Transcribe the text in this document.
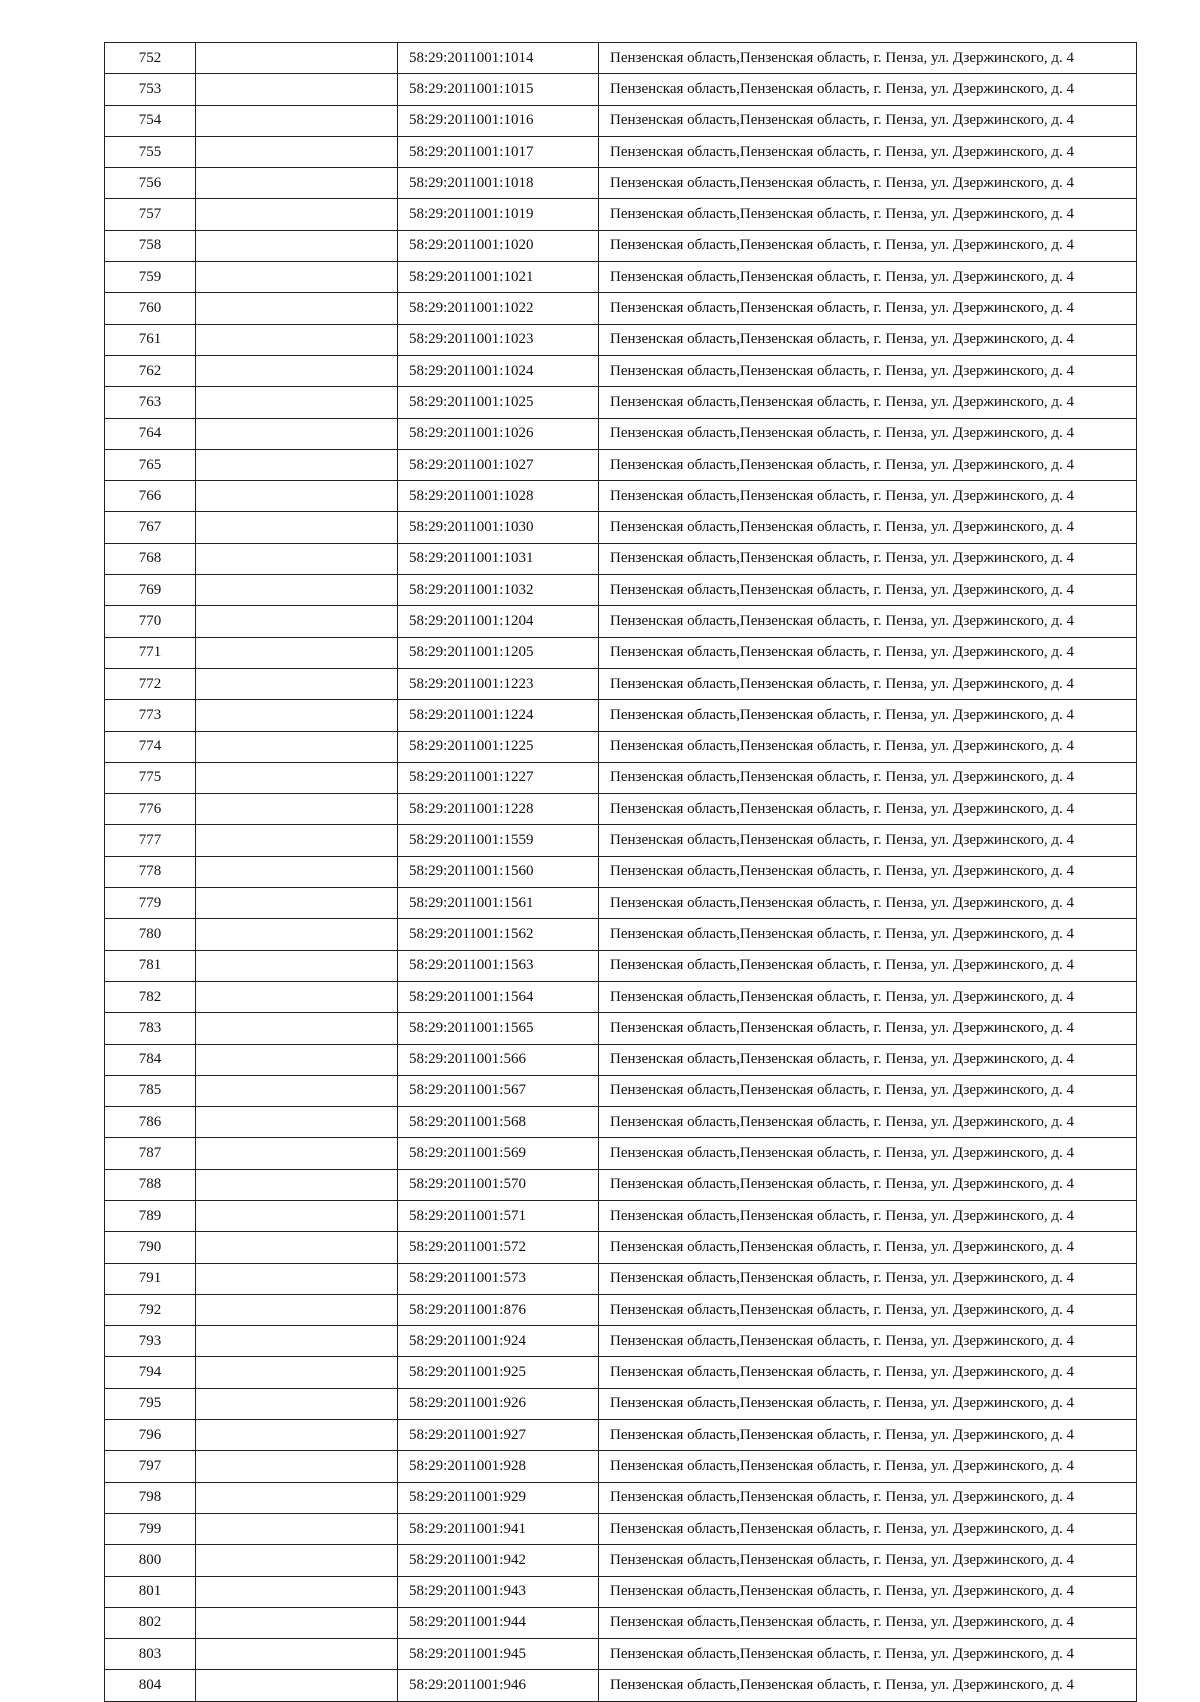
752		58:29:2011001:1014	Пензенская область,Пензенская область, г. Пенза, ул. Дзержинского, д. 4
753		58:29:2011001:1015	Пензенская область,Пензенская область, г. Пенза, ул. Дзержинского, д. 4
754		58:29:2011001:1016	Пензенская область,Пензенская область, г. Пенза, ул. Дзержинского, д. 4
755		58:29:2011001:1017	Пензенская область,Пензенская область, г. Пенза, ул. Дзержинского, д. 4
756		58:29:2011001:1018	Пензенская область,Пензенская область, г. Пенза, ул. Дзержинского, д. 4
757		58:29:2011001:1019	Пензенская область,Пензенская область, г. Пенза, ул. Дзержинского, д. 4
758		58:29:2011001:1020	Пензенская область,Пензенская область, г. Пенза, ул. Дзержинского, д. 4
759		58:29:2011001:1021	Пензенская область,Пензенская область, г. Пенза, ул. Дзержинского, д. 4
760		58:29:2011001:1022	Пензенская область,Пензенская область, г. Пенза, ул. Дзержинского, д. 4
761		58:29:2011001:1023	Пензенская область,Пензенская область, г. Пенза, ул. Дзержинского, д. 4
762		58:29:2011001:1024	Пензенская область,Пензенская область, г. Пенза, ул. Дзержинского, д. 4
763		58:29:2011001:1025	Пензенская область,Пензенская область, г. Пенза, ул. Дзержинского, д. 4
764		58:29:2011001:1026	Пензенская область,Пензенская область, г. Пенза, ул. Дзержинского, д. 4
765		58:29:2011001:1027	Пензенская область,Пензенская область, г. Пенза, ул. Дзержинского, д. 4
766		58:29:2011001:1028	Пензенская область,Пензенская область, г. Пенза, ул. Дзержинского, д. 4
767		58:29:2011001:1030	Пензенская область,Пензенская область, г. Пенза, ул. Дзержинского, д. 4
768		58:29:2011001:1031	Пензенская область,Пензенская область, г. Пенза, ул. Дзержинского, д. 4
769		58:29:2011001:1032	Пензенская область,Пензенская область, г. Пенза, ул. Дзержинского, д. 4
770		58:29:2011001:1204	Пензенская область,Пензенская область, г. Пенза, ул. Дзержинского, д. 4
771		58:29:2011001:1205	Пензенская область,Пензенская область, г. Пенза, ул. Дзержинского, д. 4
772		58:29:2011001:1223	Пензенская область,Пензенская область, г. Пенза, ул. Дзержинского, д. 4
773		58:29:2011001:1224	Пензенская область,Пензенская область, г. Пенза, ул. Дзержинского, д. 4
774		58:29:2011001:1225	Пензенская область,Пензенская область, г. Пенза, ул. Дзержинского, д. 4
775		58:29:2011001:1227	Пензенская область,Пензенская область, г. Пенза, ул. Дзержинского, д. 4
776		58:29:2011001:1228	Пензенская область,Пензенская область, г. Пенза, ул. Дзержинского, д. 4
777		58:29:2011001:1559	Пензенская область,Пензенская область, г. Пенза, ул. Дзержинского, д. 4
778		58:29:2011001:1560	Пензенская область,Пензенская область, г. Пенза, ул. Дзержинского, д. 4
779		58:29:2011001:1561	Пензенская область,Пензенская область, г. Пенза, ул. Дзержинского, д. 4
780		58:29:2011001:1562	Пензенская область,Пензенская область, г. Пенза, ул. Дзержинского, д. 4
781		58:29:2011001:1563	Пензенская область,Пензенская область, г. Пенза, ул. Дзержинского, д. 4
782		58:29:2011001:1564	Пензенская область,Пензенская область, г. Пенза, ул. Дзержинского, д. 4
783		58:29:2011001:1565	Пензенская область,Пензенская область, г. Пенза, ул. Дзержинского, д. 4
784		58:29:2011001:566	Пензенская область,Пензенская область, г. Пенза, ул. Дзержинского, д. 4
785		58:29:2011001:567	Пензенская область,Пензенская область, г. Пенза, ул. Дзержинского, д. 4
786		58:29:2011001:568	Пензенская область,Пензенская область, г. Пенза, ул. Дзержинского, д. 4
787		58:29:2011001:569	Пензенская область,Пензенская область, г. Пенза, ул. Дзержинского, д. 4
788		58:29:2011001:570	Пензенская область,Пензенская область, г. Пенза, ул. Дзержинского, д. 4
789		58:29:2011001:571	Пензенская область,Пензенская область, г. Пенза, ул. Дзержинского, д. 4
790		58:29:2011001:572	Пензенская область,Пензенская область, г. Пенза, ул. Дзержинского, д. 4
791		58:29:2011001:573	Пензенская область,Пензенская область, г. Пенза, ул. Дзержинского, д. 4
792		58:29:2011001:876	Пензенская область,Пензенская область, г. Пенза, ул. Дзержинского, д. 4
793		58:29:2011001:924	Пензенская область,Пензенская область, г. Пенза, ул. Дзержинского, д. 4
794		58:29:2011001:925	Пензенская область,Пензенская область, г. Пенза, ул. Дзержинского, д. 4
795		58:29:2011001:926	Пензенская область,Пензенская область, г. Пенза, ул. Дзержинского, д. 4
796		58:29:2011001:927	Пензенская область,Пензенская область, г. Пенза, ул. Дзержинского, д. 4
797		58:29:2011001:928	Пензенская область,Пензенская область, г. Пенза, ул. Дзержинского, д. 4
798		58:29:2011001:929	Пензенская область,Пензенская область, г. Пенза, ул. Дзержинского, д. 4
799		58:29:2011001:941	Пензенская область,Пензенская область, г. Пенза, ул. Дзержинского, д. 4
800		58:29:2011001:942	Пензенская область,Пензенская область, г. Пенза, ул. Дзержинского, д. 4
801		58:29:2011001:943	Пензенская область,Пензенская область, г. Пенза, ул. Дзержинского, д. 4
802		58:29:2011001:944	Пензенская область,Пензенская область, г. Пенза, ул. Дзержинского, д. 4
803		58:29:2011001:945	Пензенская область,Пензенская область, г. Пенза, ул. Дзержинского, д. 4
804		58:29:2011001:946	Пензенская область,Пензенская область, г. Пенза, ул. Дзержинского, д. 4
